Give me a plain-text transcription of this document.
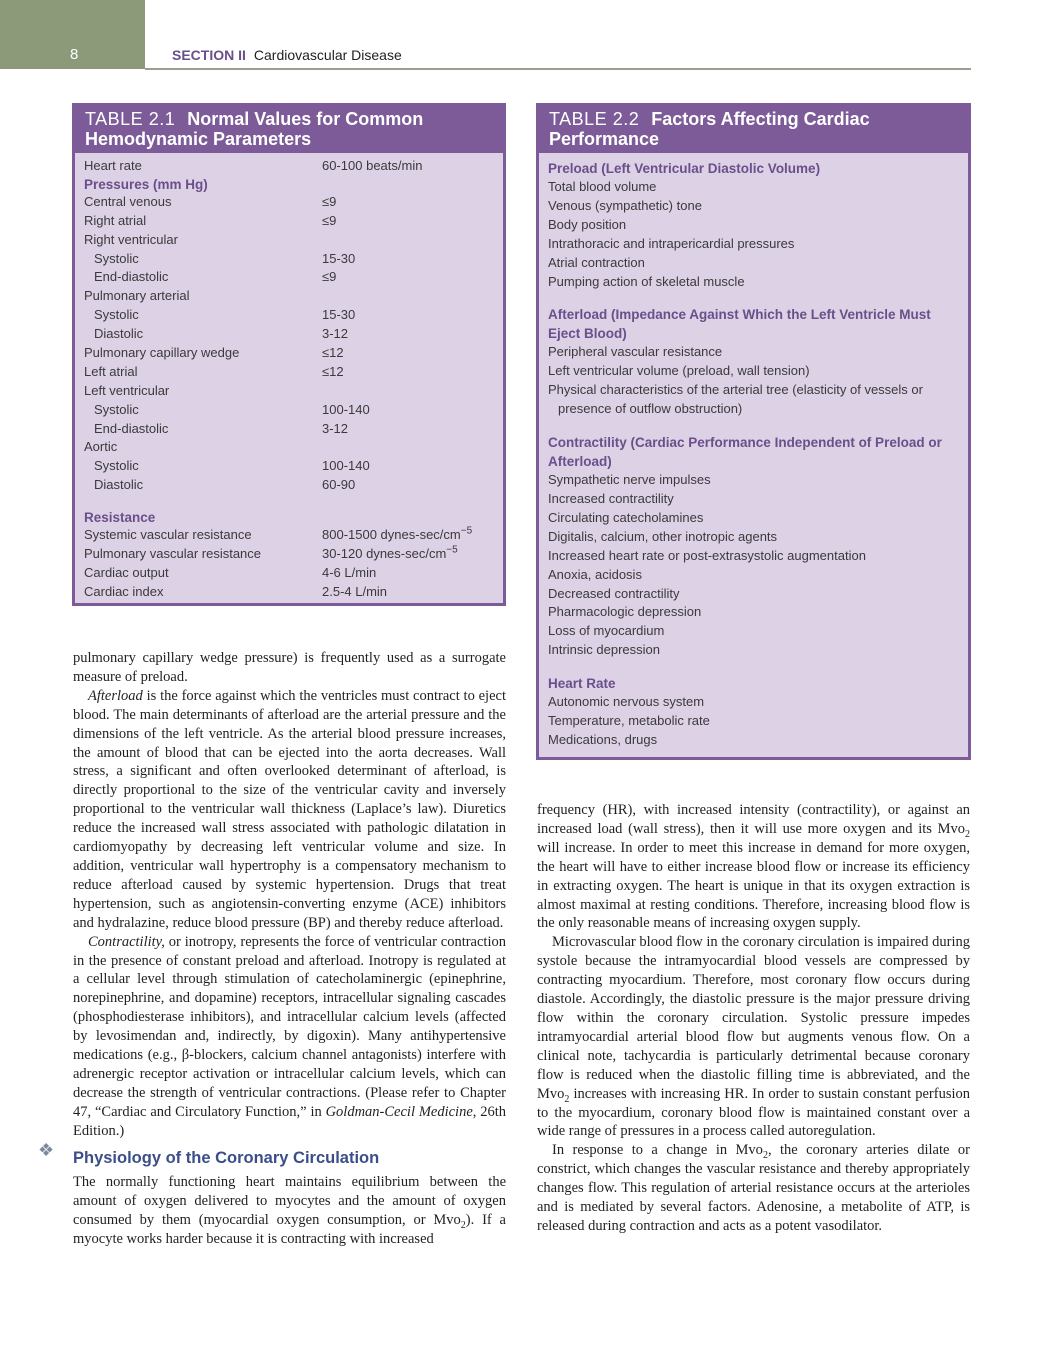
8	SECTION II Cardiovascular Disease
TABLE 2.1 Normal Values for Common Hemodynamic Parameters
Heart rate	60-100 beats/min
Pressures (mm Hg)
Central venous	≤9
Right atrial	≤9
Right ventricular
Systolic	15-30
End-diastolic	≤9
Pulmonary arterial
Systolic	15-30
Diastolic	3-12
Pulmonary capillary wedge	≤12
Left atrial	≤12
Left ventricular
Systolic	100-140
End-diastolic	3-12
Aortic
Systolic	100-140
Diastolic	60-90
Resistance
Systemic vascular resistance	800-1500 dynes-$\sec/cm^{-5}$
Pulmonary vascular resistance	30-120 dynes-$\sec/cm^{-5}$
Cardiac output	4-6 L/min
Cardiac index	2.5-4 L/min
TABLE 2.2 Factors Affecting Cardiac Performance
Preload (Left Ventricular Diastolic Volume)
Total blood volume
Venous (sympathetic) tone
Body position
Intrathoracic and intrapericardial pressures
Atrial contraction
Pumping action of skeletal muscle
Afterload (Impedance Against Which the Left Ventricle Must Eject Blood)
Peripheral vascular resistance
Left ventricular volume (preload, wall tension)
Physical characteristics of the arterial tree (elasticity of vessels or presence of outflow obstruction)
Contractility (Cardiac Performance Independent of Preload or Afterload)
Sympathetic nerve impulses
Increased contractility
Circulating catecholamines
Digitalis, calcium, other inotropic agents
Increased heart rate or post-extrasystolic augmentation
Anoxia, acidosis
Decreased contractility
Pharmacologic depression
Loss of myocardium
Intrinsic depression
Heart Rate
Autonomic nervous system
Temperature, metabolic rate
Medications, drugs

pulmonary capillary wedge pressure) is frequently used as a surrogate measure of preload.

Afterload is the force against which the ventricles must contract to eject blood. The main determinants of afterload are the arterial pressure and the dimensions of the left ventricle. As the arterial blood pressure increases, the amount of blood that can be ejected into the aorta decreases. Wall stress, a significant and often overlooked determinant of afterload, is directly proportional to the size of the ventricular cavity and inversely proportional to the ventricular wall thickness (Laplace’s law). Diuretics reduce the increased wall stress associated with pathologic dilatation in cardiomyopathy by decreasing left ventricular volume and size. In addition, ventricular wall hypertrophy is a compensatory mechanism to reduce afterload caused by systemic hypertension. Drugs that treat hypertension, such as angiotensin-converting enzyme (ACE) inhibitors and hydralazine, reduce blood pressure (BP) and thereby reduce afterload.

Contractility, or inotropy, represents the force of ventricular contraction in the presence of constant preload and afterload. Inotropy is regulated at a cellular level through stimulation of catecholaminergic (epinephrine, norepinephrine, and dopamine) receptors, intracellular signaling cascades (phosphodiesterase inhibitors), and intracellular calcium levels (affected by levosimendan and, indirectly, by digoxin). Many antihypertensive medications (e.g., β-blockers, calcium channel antagonists) interfere with adrenergic receptor activation or intracellular calcium levels, which can decrease the strength of ventricular contractions. (Please refer to Chapter 47, “Cardiac and Circulatory Function,” in Goldman-Cecil Medicine, 26th Edition.)

Physiology of the Coronary Circulation

The normally functioning heart maintains equilibrium between the amount of oxygen delivered to myocytes and the amount of oxygen consumed by them (myocardial oxygen consumption, or Mvo$_2$). If a myocyte works harder because it is contracting with increased

❖

frequency (HR), with increased intensity (contractility), or against an increased load (wall stress), then it will use more oxygen and its Mvo$_2$ will increase. In order to meet this increase in demand for more oxygen, the heart will have to either increase blood flow or increase its efficiency in extracting oxygen. The heart is unique in that its oxygen extraction is almost maximal at resting conditions. Therefore, increasing blood flow is the only reasonable means of increasing oxygen supply.

Microvascular blood flow in the coronary circulation is impaired during systole because the intramyocardial blood vessels are compressed by contracting myocardium. Therefore, most coronary flow occurs during diastole. Accordingly, the diastolic pressure is the major pressure driving flow within the coronary circulation. Systolic pressure impedes intramyocardial arterial blood flow but augments venous flow. On a clinical note, tachycardia is particularly detrimental because coronary flow is reduced when the diastolic filling time is abbreviated, and the Mvo$_2$ increases with increasing HR. In order to sustain constant perfusion to the myocardium, coronary blood flow is maintained constant over a wide range of pressures in a process called autoregulation.

In response to a change in Mvo$_2$, the coronary arteries dilate or constrict, which changes the vascular resistance and thereby appropriately changes flow. This regulation of arterial resistance occurs at the arterioles and is mediated by several factors. Adenosine, a metabolite of ATP, is released during contraction and acts as a potent vasodilator.
